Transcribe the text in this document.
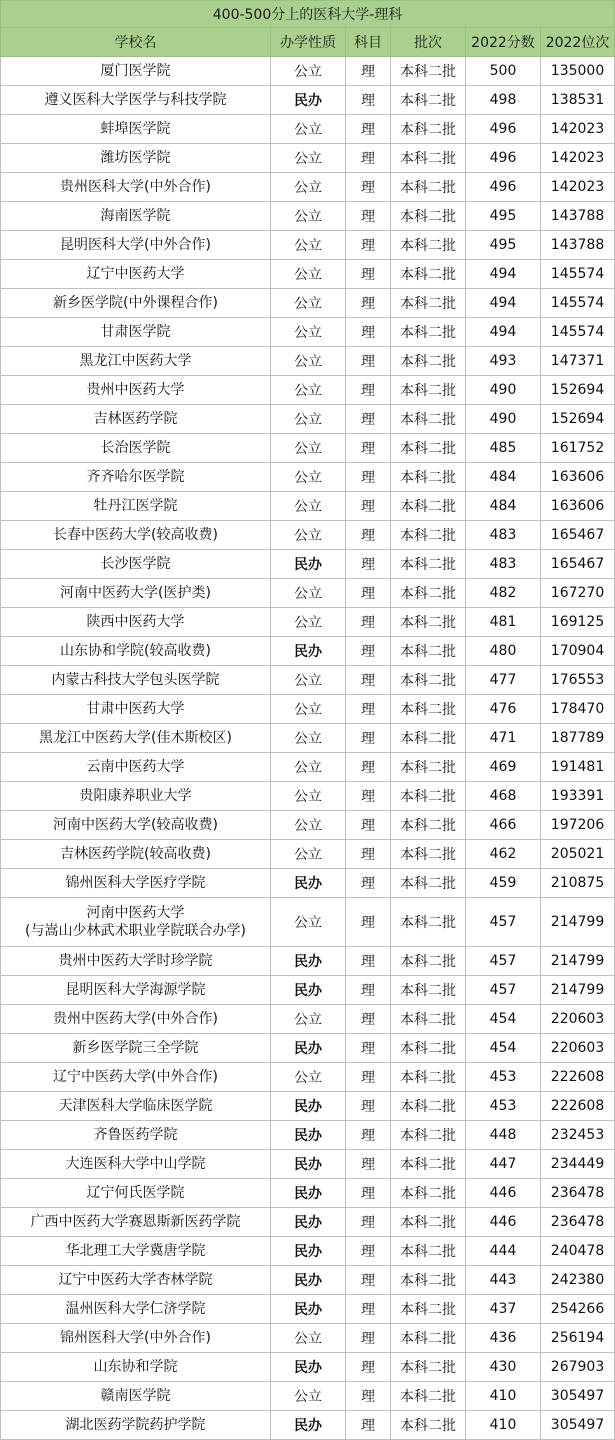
400-500分上的医科大学-理科					
学校名	办学性质	科目	批次	2022分数	2022位次

厦门医学院	公立	理	本科二批	500	135000

遵义医科大学医学与科技学院	民办	理	本科二批	498	138531

蚌埠医学院	公立	理	本科二批	496	142023

潍坊医学院	公立	理	本科二批	496	142023

贵州医科大学(中外合作)	公立	理	本科二批	496	142023

海南医学院	公立	理	本科二批	495	143788

昆明医科大学(中外合作)	公立	理	本科二批	495	143788

辽宁中医药大学	公立	理	本科二批	494	145574

新乡医学院(中外课程合作)	公立	理	本科二批	494	145574

甘肃医学院	公立	理	本科二批	494	145574

黑龙江中医药大学	公立	理	本科二批	493	147371

贵州中医药大学	公立	理	本科二批	490	152694

吉林医药学院	公立	理	本科二批	490	152694

长治医学院	公立	理	本科二批	485	161752

齐齐哈尔医学院	公立	理	本科二批	484	163606

牡丹江医学院	公立	理	本科二批	484	163606

长春中医药大学(较高收费)	公立	理	本科二批	483	165467

长沙医学院	民办	理	本科二批	483	165467

河南中医药大学(医护类)	公立	理	本科二批	482	167270

陕西中医药大学	公立	理	本科二批	481	169125

山东协和学院(较高收费)	民办	理	本科二批	480	170904

内蒙古科技大学包头医学院	公立	理	本科二批	477	176553

甘肃中医药大学	公立	理	本科二批	476	178470

黑龙江中医药大学(佳木斯校区)	公立	理	本科二批	471	187789

云南中医药大学	公立	理	本科二批	469	191481

贵阳康养职业大学	公立	理	本科二批	468	193391

河南中医药大学(较高收费)	公立	理	本科二批	466	197206

吉林医药学院(较高收费)	公立	理	本科二批	462	205021

锦州医科大学医疗学院	民办	理	本科二批	459	210875

河南中医药大学
(与嵩山少林武术职业学院联合办学)	公立	理	本科二批	457	214799

贵州中医药大学时珍学院	民办	理	本科二批	457	214799

昆明医科大学海源学院	民办	理	本科二批	457	214799

贵州中医药大学(中外合作)	公立	理	本科二批	454	220603

新乡医学院三全学院	民办	理	本科二批	454	220603

辽宁中医药大学(中外合作)	公立	理	本科二批	453	222608

天津医科大学临床医学院	民办	理	本科二批	453	222608

齐鲁医药学院	民办	理	本科二批	448	232453

大连医科大学中山学院	民办	理	本科二批	447	234449

辽宁何氏医学院	民办	理	本科二批	446	236478

广西中医药大学赛恩斯新医药学院	民办	理	本科二批	446	236478

华北理工大学冀唐学院	民办	理	本科二批	444	240478

辽宁中医药大学杏林学院	民办	理	本科二批	443	242380

温州医科大学仁济学院	民办	理	本科二批	437	254266

锦州医科大学(中外合作)	公立	理	本科二批	436	256194

山东协和学院	民办	理	本科二批	430	267903

赣南医学院	公立	理	本科二批	410	305497

湖北医药学院药护学院	民办	理	本科二批	410	305497
